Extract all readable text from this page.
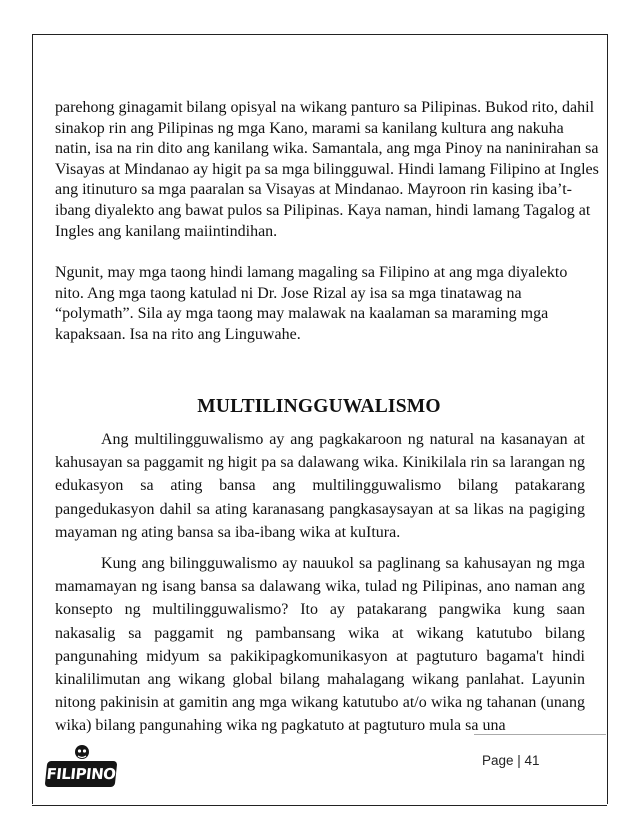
parehong ginagamit bilang opisyal na wikang panturo sa Pilipinas. Bukod rito, dahil sinakop rin ang Pilipinas ng mga Kano, marami sa kanilang kultura ang nakuha natin, isa na rin dito ang kanilang wika. Samantala, ang mga Pinoy na naninirahan sa Visayas at Mindanao ay higit pa sa mga bilingguwal. Hindi lamang Filipino at Ingles ang itinuturo sa mga paaralan sa Visayas at Mindanao. Mayroon rin kasing iba’t-ibang diyalekto ang bawat pulos sa Pilipinas. Kaya naman, hindi lamang Tagalog at Ingles ang kanilang maiintindihan.

Ngunit, may mga taong hindi lamang magaling sa Filipino at ang mga diyalekto nito. Ang mga taong katulad ni Dr. Jose Rizal ay isa sa mga tinatawag na “polymath”. Sila ay mga taong may malawak na kaalaman sa maraming mga kapaksaan. Isa na rito ang Linguwahe.

MULTILINGGUWALISMO

Ang multilingguwalismo ay ang pagkakaroon ng natural na kasanayan at kahusayan sa paggamit ng higit pa sa dalawang wika. Kinikilala rin sa larangan ng edukasyon sa ating bansa ang multilingguwalismo bilang patakarang pangedukasyon dahil sa ating karanasang pangkasaysayan at sa likas na pagiging mayaman ng ating bansa sa iba-ibang wika at kuItura.

Kung ang bilingguwalismo ay nauukol sa paglinang sa kahusayan ng mga mamamayan ng isang bansa sa dalawang wika, tulad ng Pilipinas, ano naman ang konsepto ng multilingguwalismo? Ito ay patakarang pangwika kung saan nakasalig sa paggamit ng pambansang wika at wikang katutubo bilang pangunahing midyum sa pakikipagkomunikasyon at pagtuturo bagama't hindi kinalilimutan ang wikang global bilang mahalagang wikang panlahat. Layunin nitong pakinisin at gamitin ang mga wikang katutubo at/o wika ng tahanan (unang wika) bilang pangunahing wika ng pagkatuto at pagtuturo mula sa una

FILIPINO
Page | 41
